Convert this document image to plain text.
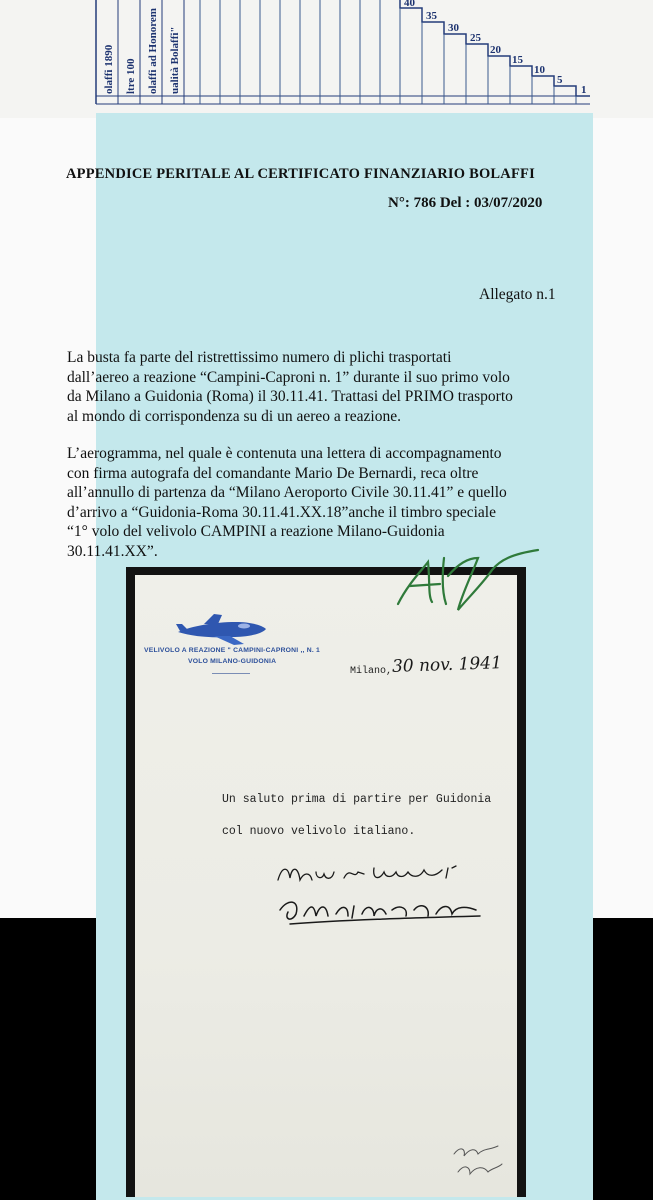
40
35
30
25
20
15
10
5
1
olaffi 1890 ltre 100 olaffi ad Honorem ualità Bolaffi"
APPENDICE PERITALE AL CERTIFICATO FINANZIARIO BOLAFFI
N°: 786 Del : 03/07/2020
Allegato n.1
La busta fa parte del ristrettissimo numero di plichi trasportati
dall’aereo a reazione “Campini-Caproni n. 1” durante il suo primo volo
da Milano a Guidonia (Roma) il 30.11.41. Trattasi del PRIMO trasporto
al mondo di corrispondenza su di un aereo a reazione.
L’aerogramma, nel quale è contenuta una lettera di accompagnamento
con firma autografa del comandante Mario De Bernardi, reca oltre
all’annullo di partenza da “Milano Aeroporto Civile 30.11.41” e quello
d’arrivo a “Guidonia-Roma 30.11.41.XX.18”anche il timbro speciale
“1° volo del velivolo CAMPINI a reazione Milano-Guidonia
30.11.41.XX”.
VELIVOLO A REAZIONE " CAMPINI-CAPRONI ,, N. 1
VOLO MILANO-GUIDONIA
Milano, 30 nov. 1941
Un saluto prima di partire per Guidonia
col nuovo velivolo italiano.
